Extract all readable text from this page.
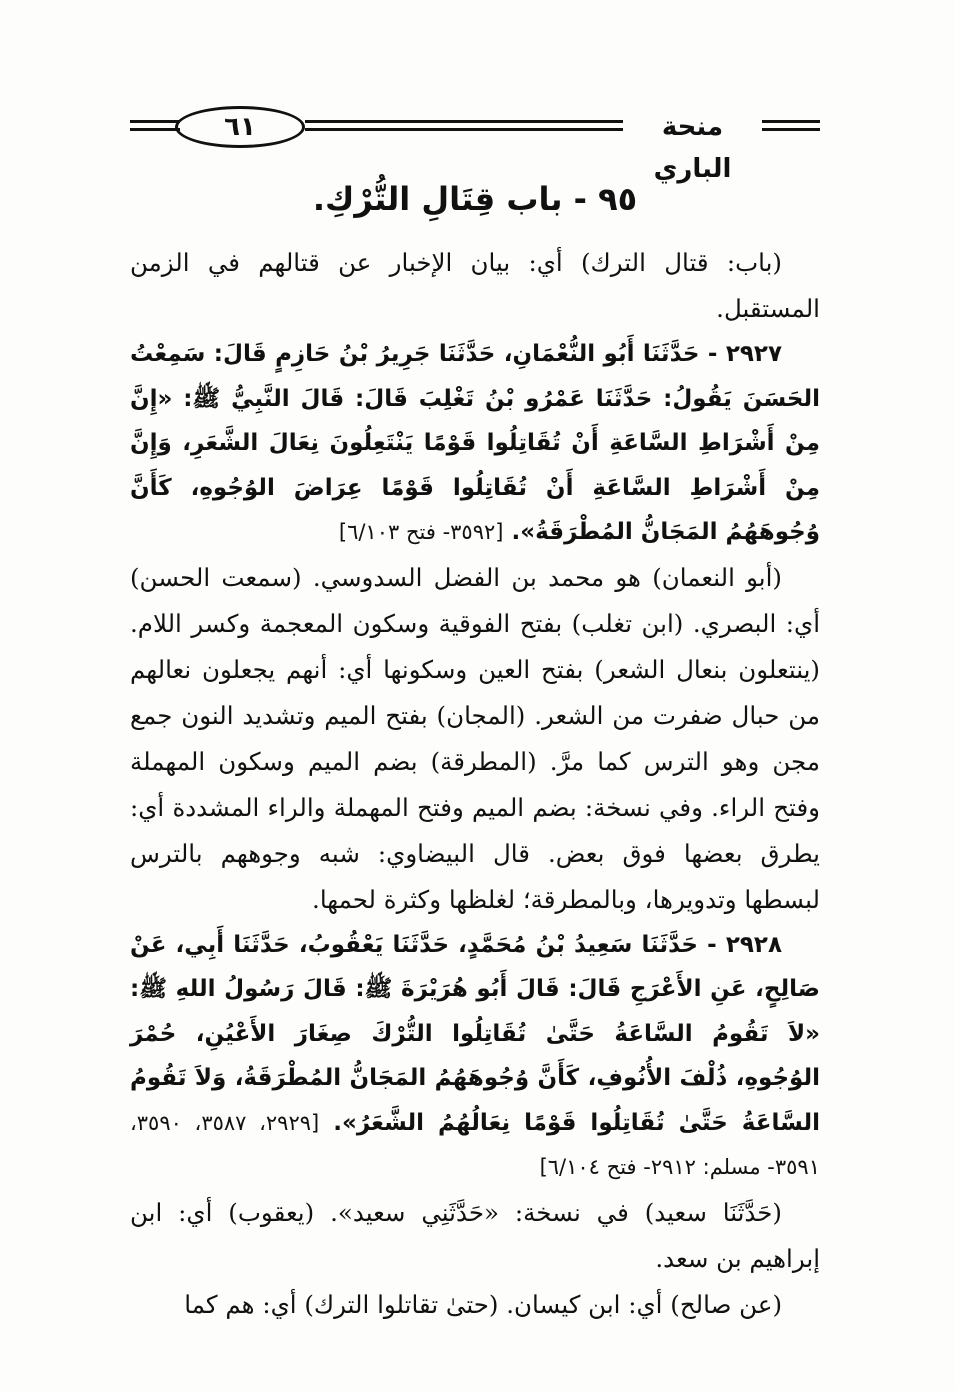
٦١	منحة الباري
٩٥ - باب قِتَالِ التُّرْكِ.

(باب: قتال الترك) أي: بيان الإخبار عن قتالهم في الزمن المستقبل.

٢٩٢٧ - حَدَّثَنَا أَبُو النُّعْمَانِ، حَدَّثَنَا جَرِيرُ بْنُ حَازِمٍ قَالَ: سَمِعْتُ الحَسَنَ يَقُولُ: حَدَّثَنَا عَمْرُو بْنُ تَغْلِبَ قَالَ: قَالَ النَّبِيُّ ﷺ: «إِنَّ مِنْ أَشْرَاطِ السَّاعَةِ أَنْ تُقَاتِلُوا قَوْمًا يَنْتَعِلُونَ نِعَالَ الشَّعَرِ، وَإِنَّ مِنْ أَشْرَاطِ السَّاعَةِ أَنْ تُقَاتِلُوا قَوْمًا عِرَاضَ الوُجُوهِ، كَأَنَّ وُجُوهَهُمُ المَجَانُّ المُطْرَقَةُ». [٣٥٩٢- فتح ٦/١٠٣]

(أبو النعمان) هو محمد بن الفضل السدوسي. (سمعت الحسن) أي: البصري. (ابن تغلب) بفتح الفوقية وسكون المعجمة وكسر اللام. (ينتعلون بنعال الشعر) بفتح العين وسكونها أي: أنهم يجعلون نعالهم من حبال ضفرت من الشعر. (المجان) بفتح الميم وتشديد النون جمع مجن وهو الترس كما مرَّ. (المطرقة) بضم الميم وسكون المهملة وفتح الراء. وفي نسخة: بضم الميم وفتح المهملة والراء المشددة أي: يطرق بعضها فوق بعض. قال البيضاوي: شبه وجوههم بالترس لبسطها وتدويرها، وبالمطرقة؛ لغلظها وكثرة لحمها.

٢٩٢٨ - حَدَّثَنَا سَعِيدُ بْنُ مُحَمَّدٍ، حَدَّثَنَا يَعْقُوبُ، حَدَّثَنَا أَبِي، عَنْ صَالِحٍ، عَنِ الأَعْرَجِ قَالَ: قَالَ أَبُو هُرَيْرَةَ ﷺ: قَالَ رَسُولُ اللهِ ﷺ: «لاَ تَقُومُ السَّاعَةُ حَتَّىٰ تُقَاتِلُوا التُّرْكَ صِغَارَ الأَعْيُنِ، حُمْرَ الوُجُوهِ، ذُلْفَ الأُنُوفِ، كَأَنَّ وُجُوهَهُمُ المَجَانُّ المُطْرَقَةُ، وَلاَ تَقُومُ السَّاعَةُ حَتَّىٰ تُقَاتِلُوا قَوْمًا نِعَالُهُمُ الشَّعَرُ». [٢٩٢٩، ٣٥٨٧، ٣٥٩٠، ٣٥٩١- مسلم: ٢٩١٢- فتح ٦/١٠٤]

(حَدَّثَنَا سعيد) في نسخة: «حَدَّثَنِي سعيد». (يعقوب) أي: ابن إبراهيم بن سعد.

(عن صالح) أي: ابن كيسان. (حتىٰ تقاتلوا الترك) أي: هم كما
